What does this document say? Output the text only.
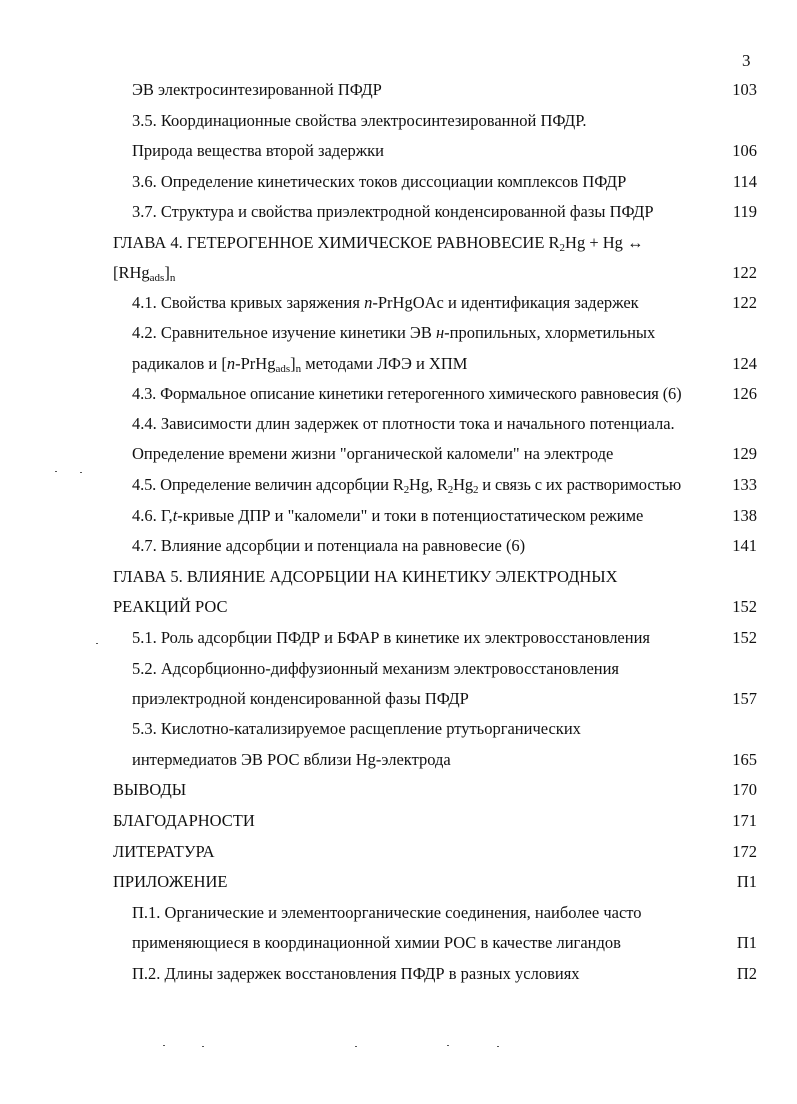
3
ЭВ электросинтезированной ПФДР	103
3.5. Координационные свойства электросинтезированной ПФДР.
Природа вещества второй задержки	106
3.6. Определение кинетических токов диссоциации комплексов ПФДР	114
3.7. Структура и свойства приэлектродной конденсированной фазы ПФДР	119
ГЛАВА 4. ГЕТЕРОГЕННОЕ ХИМИЧЕСКОЕ РАВНОВЕСИЕ $R_2Hg + Hg$ ↔
$[RHg_{ads}]_n$	122
4.1. Свойства кривых заряжения n-PrHgOAc и идентификация задержек	122
4.2. Сравнительное изучение кинетики ЭВ н-пропильных, хлорметильных
радикалов и $[n-PrHg_{ads}]_n$ методами ЛФЭ и ХПМ	124
4.3. Формальное описание кинетики гетерогенного химического равновесия (6)	126
4.4. Зависимости длин задержек от плотности тока и начального потенциала.
Определение времени жизни "органической каломели" на электроде	129
4.5. Определение величин адсорбции $R_2Hg$, $R_2Hg_2$ и связь с их растворимостью	133
4.6. Г,t-кривые ДПР и "каломели" и токи в потенциостатическом режиме	138
4.7. Влияние адсорбции и потенциала на равновесие (6)	141
ГЛАВА 5. ВЛИЯНИЕ АДСОРБЦИИ НА КИНЕТИКУ ЭЛЕКТРОДНЫХ
РЕАКЦИЙ РОС	152
5.1. Роль адсорбции ПФДР и БФАР в кинетике их электровосстановления	152
5.2. Адсорбционно-диффузионный механизм электровосстановления
приэлектродной конденсированной фазы ПФДР	157
5.3. Кислотно-катализируемое расщепление ртутьорганических
интермедиатов ЭВ РОС вблизи Hg-электрода	165
ВЫВОДЫ	170
БЛАГОДАРНОСТИ	171
ЛИТЕРАТУРА	172
ПРИЛОЖЕНИЕ	П1
П.1. Органические и элементоорганические соединения, наиболее часто
применяющиеся в координационной химии РОС в качестве лигандов	П1
П.2. Длины задержек восстановления ПФДР в разных условиях	П2
